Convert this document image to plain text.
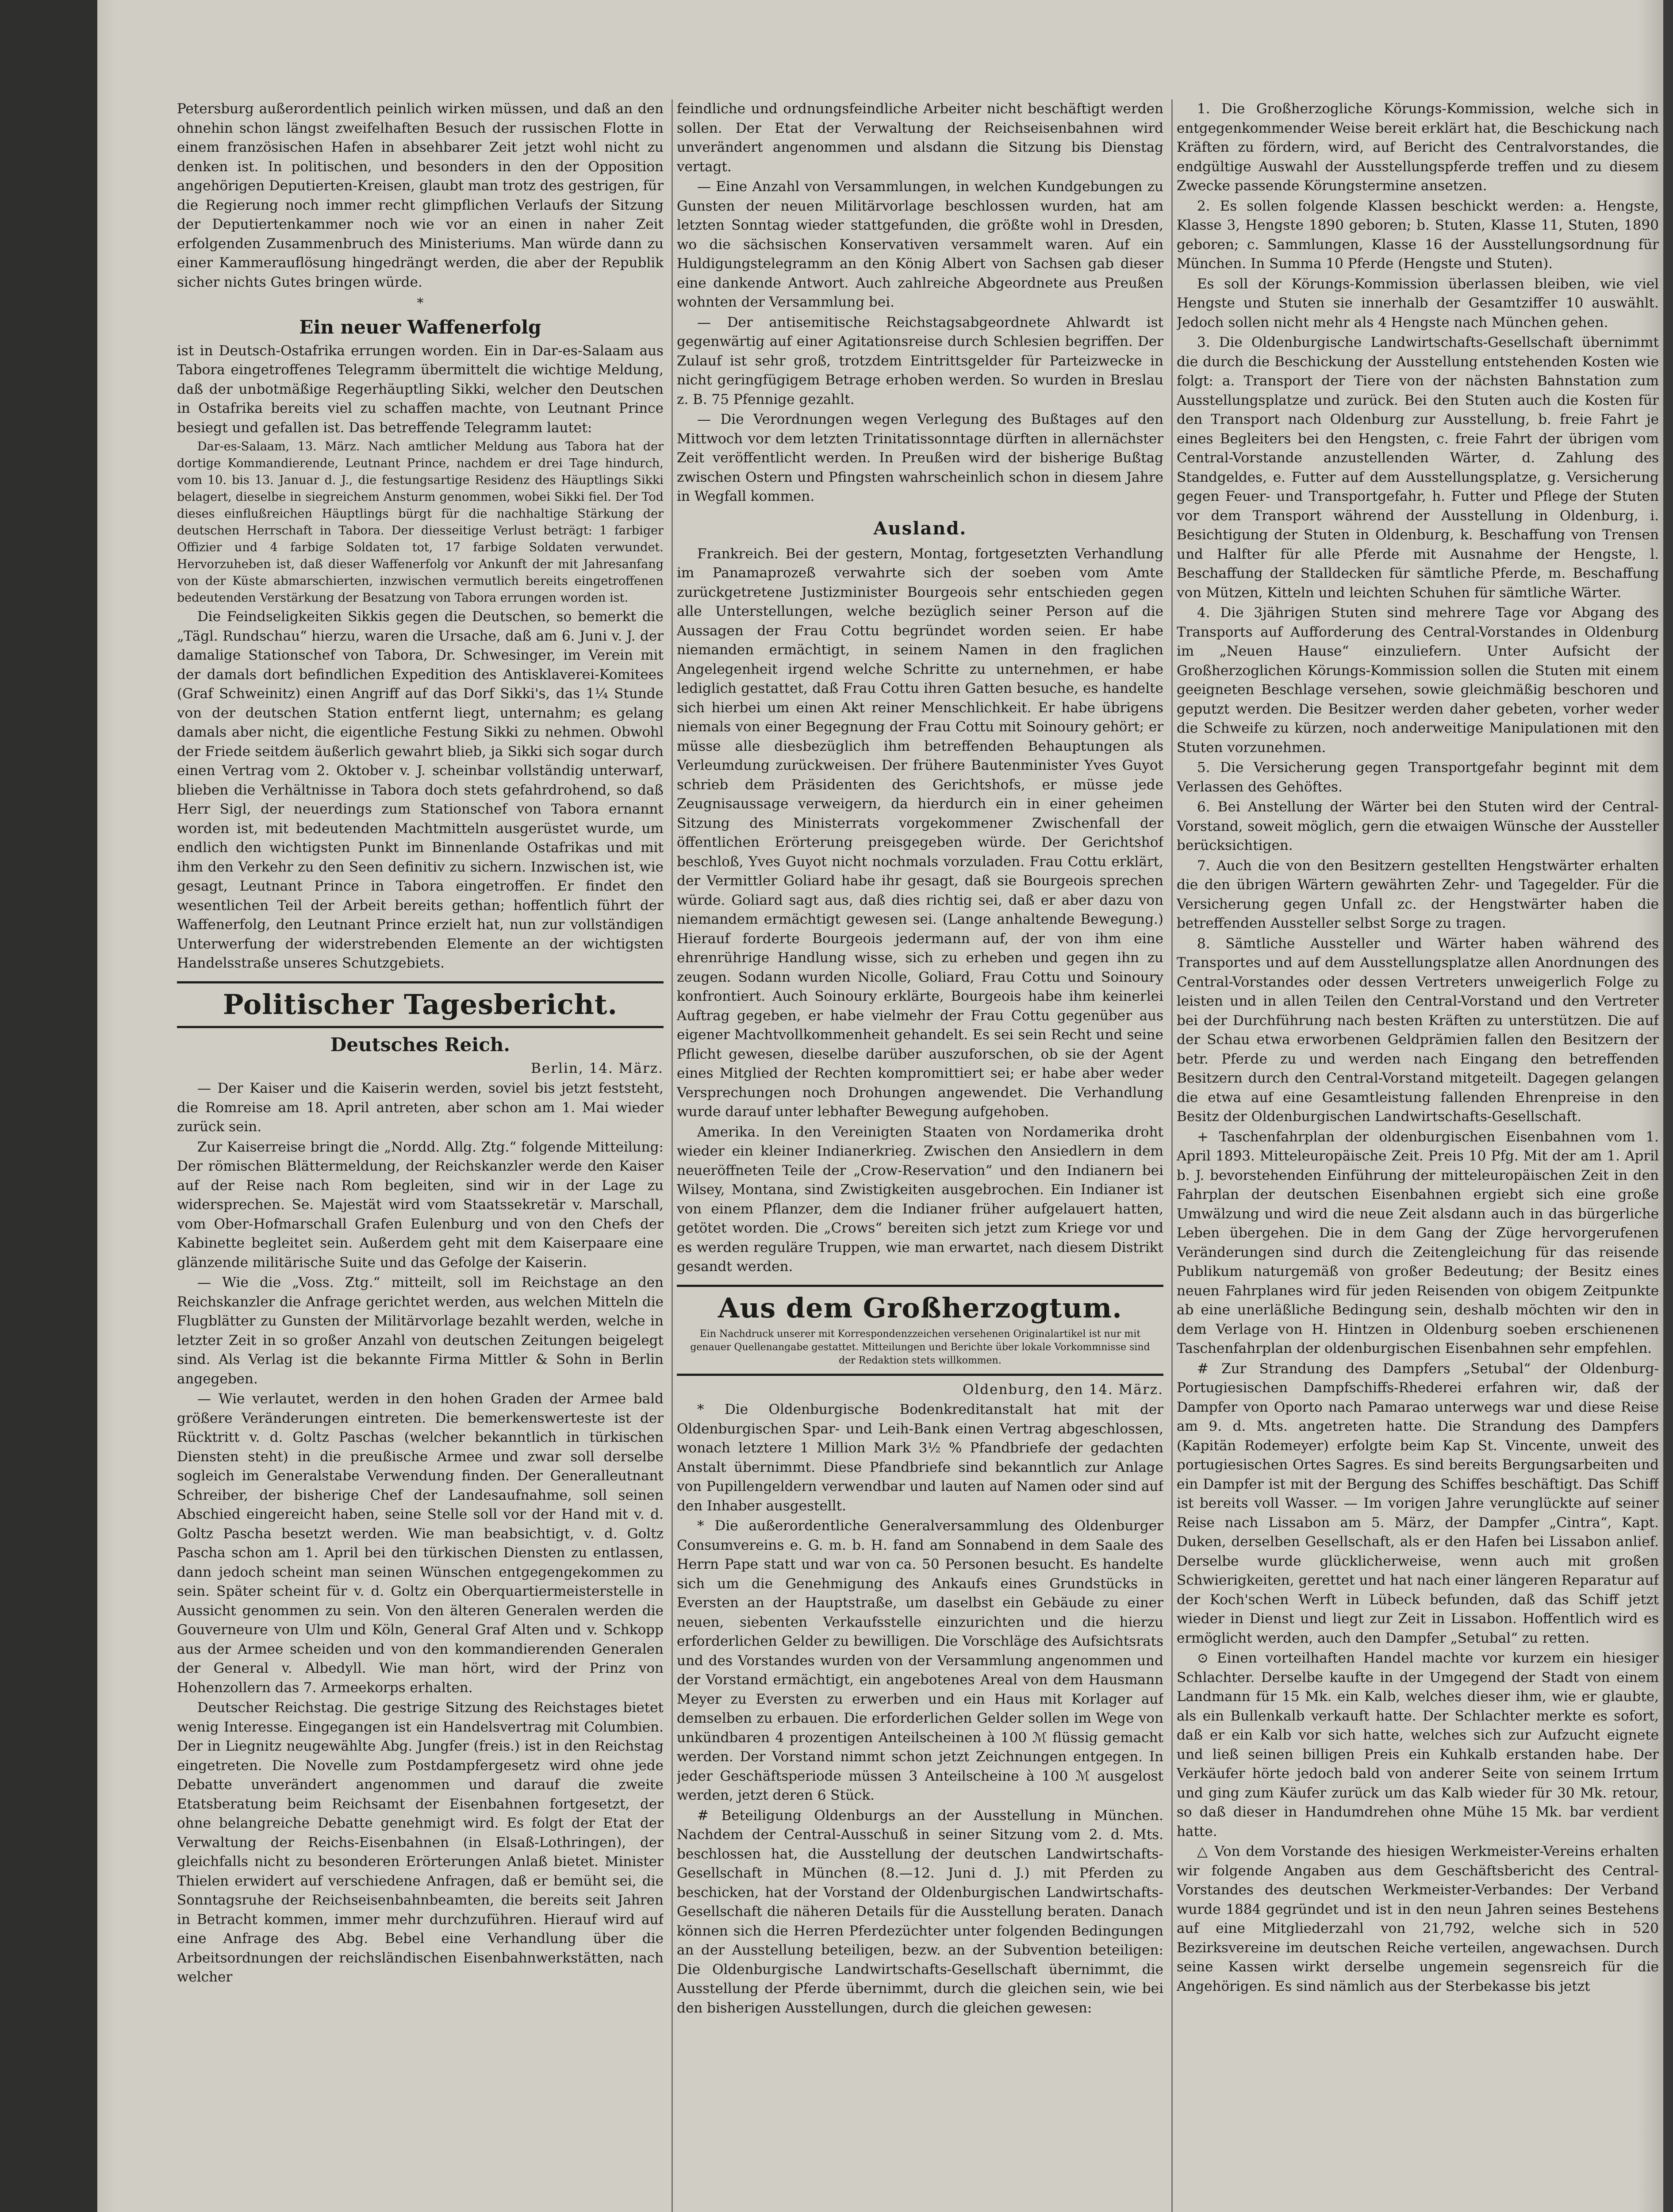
Petersburg außerordentlich peinlich wirken müssen, und daß an den ohnehin schon längst zweifelhaften Besuch der russischen Flotte in einem französischen Hafen in absehbarer Zeit jetzt wohl nicht zu denken ist. In politischen, und besonders in den der Opposition angehörigen Deputierten-Kreisen, glaubt man trotz des gestrigen, für die Regierung noch immer recht glimpflichen Verlaufs der Sitzung der Deputiertenkammer noch wie vor an einen in naher Zeit erfolgenden Zusammenbruch des Ministeriums. Man würde dann zu einer Kammerauflösung hingedrängt werden, die aber der Republik sicher nichts Gutes bringen würde.

*
Ein neuer Waffenerfolg

ist in Deutsch-Ostafrika errungen worden. Ein in Dar-es-Salaam aus Tabora eingetroffenes Telegramm übermittelt die wichtige Meldung, daß der unbotmäßige Regerhäuptling Sikki, welcher den Deutschen in Ostafrika bereits viel zu schaffen machte, von Leutnant Prince besiegt und gefallen ist. Das betreffende Telegramm lautet:

Dar-es-Salaam, 13. März. Nach amtlicher Meldung aus Tabora hat der dortige Kommandierende, Leutnant Prince, nachdem er drei Tage hindurch, vom 10. bis 13. Januar d. J., die festungsartige Residenz des Häuptlings Sikki belagert, dieselbe in siegreichem Ansturm genommen, wobei Sikki fiel. Der Tod dieses einflußreichen Häuptlings bürgt für die nachhaltige Stärkung der deutschen Herrschaft in Tabora. Der diesseitige Verlust beträgt: 1 farbiger Offizier und 4 farbige Soldaten tot, 17 farbige Soldaten verwundet. Hervorzuheben ist, daß dieser Waffenerfolg vor Ankunft der mit Jahresanfang von der Küste abmarschierten, inzwischen vermutlich bereits eingetroffenen bedeutenden Verstärkung der Besatzung von Tabora errungen worden ist.

Die Feindseligkeiten Sikkis gegen die Deutschen, so bemerkt die „Tägl. Rundschau“ hierzu, waren die Ursache, daß am 6. Juni v. J. der damalige Stationschef von Tabora, Dr. Schwesinger, im Verein mit der damals dort befindlichen Expedition des Antisklaverei-Komitees (Graf Schweinitz) einen Angriff auf das Dorf Sikki's, das 1¼ Stunde von der deutschen Station entfernt liegt, unternahm; es gelang damals aber nicht, die eigentliche Festung Sikki zu nehmen. Obwohl der Friede seitdem äußerlich gewahrt blieb, ja Sikki sich sogar durch einen Vertrag vom 2. Oktober v. J. scheinbar vollständig unterwarf, blieben die Verhältnisse in Tabora doch stets gefahrdrohend, so daß Herr Sigl, der neuerdings zum Stationschef von Tabora ernannt worden ist, mit bedeutenden Machtmitteln ausgerüstet wurde, um endlich den wichtigsten Punkt im Binnenlande Ostafrikas und mit ihm den Verkehr zu den Seen definitiv zu sichern. Inzwischen ist, wie gesagt, Leutnant Prince in Tabora eingetroffen. Er findet den wesentlichen Teil der Arbeit bereits gethan; hoffentlich führt der Waffenerfolg, den Leutnant Prince erzielt hat, nun zur vollständigen Unterwerfung der widerstrebenden Elemente an der wichtigsten Handelsstraße unseres Schutzgebiets.

Politischer Tagesbericht.
Deutsches Reich.

Berlin, 14. März.

— Der Kaiser und die Kaiserin werden, soviel bis jetzt feststeht, die Romreise am 18. April antreten, aber schon am 1. Mai wieder zurück sein.

Zur Kaiserreise bringt die „Nordd. Allg. Ztg.“ folgende Mitteilung: Der römischen Blättermeldung, der Reichskanzler werde den Kaiser auf der Reise nach Rom begleiten, sind wir in der Lage zu widersprechen. Se. Majestät wird vom Staatssekretär v. Marschall, vom Ober-Hofmarschall Grafen Eulenburg und von den Chefs der Kabinette begleitet sein. Außerdem geht mit dem Kaiserpaare eine glänzende militärische Suite und das Gefolge der Kaiserin.

— Wie die „Voss. Ztg.“ mitteilt, soll im Reichstage an den Reichskanzler die Anfrage gerichtet werden, aus welchen Mitteln die Flugblätter zu Gunsten der Militärvorlage bezahlt werden, welche in letzter Zeit in so großer Anzahl von deutschen Zeitungen beigelegt sind. Als Verlag ist die bekannte Firma Mittler & Sohn in Berlin angegeben.

— Wie verlautet, werden in den hohen Graden der Armee bald größere Veränderungen eintreten. Die bemerkenswerteste ist der Rücktritt v. d. Goltz Paschas (welcher bekanntlich in türkischen Diensten steht) in die preußische Armee und zwar soll derselbe sogleich im Generalstabe Verwendung finden. Der Generalleutnant Schreiber, der bisherige Chef der Landesaufnahme, soll seinen Abschied eingereicht haben, seine Stelle soll vor der Hand mit v. d. Goltz Pascha besetzt werden. Wie man beabsichtigt, v. d. Goltz Pascha schon am 1. April bei den türkischen Diensten zu entlassen, dann jedoch scheint man seinen Wünschen entgegengekommen zu sein. Später scheint für v. d. Goltz ein Oberquartiermeisterstelle in Aussicht genommen zu sein. Von den älteren Generalen werden die Gouverneure von Ulm und Köln, General Graf Alten und v. Schkopp aus der Armee scheiden und von den kommandierenden Generalen der General v. Albedyll. Wie man hört, wird der Prinz von Hohenzollern das 7. Armeekorps erhalten.

Deutscher Reichstag. Die gestrige Sitzung des Reichstages bietet wenig Interesse. Eingegangen ist ein Handelsvertrag mit Columbien. Der in Liegnitz neugewählte Abg. Jungfer (freis.) ist in den Reichstag eingetreten. Die Novelle zum Postdampfergesetz wird ohne jede Debatte unverändert angenommen und darauf die zweite Etatsberatung beim Reichsamt der Eisenbahnen fortgesetzt, der ohne belangreiche Debatte genehmigt wird. Es folgt der Etat der Verwaltung der Reichs-Eisenbahnen (in Elsaß-Lothringen), der gleichfalls nicht zu besonderen Erörterungen Anlaß bietet. Minister Thielen erwidert auf verschiedene Anfragen, daß er bemüht sei, die Sonntagsruhe der Reichseisenbahnbeamten, die bereits seit Jahren in Betracht kommen, immer mehr durchzuführen. Hierauf wird auf eine Anfrage des Abg. Bebel eine Verhandlung über die Arbeitsordnungen der reichsländischen Eisenbahnwerkstätten, nach welcher

feindliche und ordnungsfeindliche Arbeiter nicht beschäftigt werden sollen. Der Etat der Verwaltung der Reichseisenbahnen wird unverändert angenommen und alsdann die Sitzung bis Dienstag vertagt.

— Eine Anzahl von Versammlungen, in welchen Kundgebungen zu Gunsten der neuen Militärvorlage beschlossen wurden, hat am letzten Sonntag wieder stattgefunden, die größte wohl in Dresden, wo die sächsischen Konservativen versammelt waren. Auf ein Huldigungstelegramm an den König Albert von Sachsen gab dieser eine dankende Antwort. Auch zahlreiche Abgeordnete aus Preußen wohnten der Versammlung bei.

— Der antisemitische Reichstagsabgeordnete Ahlwardt ist gegenwärtig auf einer Agitationsreise durch Schlesien begriffen. Der Zulauf ist sehr groß, trotzdem Eintrittsgelder für Parteizwecke in nicht geringfügigem Betrage erhoben werden. So wurden in Breslau z. B. 75 Pfennige gezahlt.

— Die Verordnungen wegen Verlegung des Bußtages auf den Mittwoch vor dem letzten Trinitatissonntage dürften in allernächster Zeit veröffentlicht werden. In Preußen wird der bisherige Bußtag zwischen Ostern und Pfingsten wahrscheinlich schon in diesem Jahre in Wegfall kommen.

Ausland.

Frankreich. Bei der gestern, Montag, fortgesetzten Verhandlung im Panamaprozeß verwahrte sich der soeben vom Amte zurückgetretene Justizminister Bourgeois sehr entschieden gegen alle Unterstellungen, welche bezüglich seiner Person auf die Aussagen der Frau Cottu begründet worden seien. Er habe niemanden ermächtigt, in seinem Namen in den fraglichen Angelegenheit irgend welche Schritte zu unternehmen, er habe lediglich gestattet, daß Frau Cottu ihren Gatten besuche, es handelte sich hierbei um einen Akt reiner Menschlichkeit. Er habe übrigens niemals von einer Begegnung der Frau Cottu mit Soinoury gehört; er müsse alle diesbezüglich ihm betreffenden Behauptungen als Verleumdung zurückweisen. Der frühere Bautenminister Yves Guyot schrieb dem Präsidenten des Gerichtshofs, er müsse jede Zeugnisaussage verweigern, da hierdurch ein in einer geheimen Sitzung des Ministerrats vorgekommener Zwischenfall der öffentlichen Erörterung preisgegeben würde. Der Gerichtshof beschloß, Yves Guyot nicht nochmals vorzuladen. Frau Cottu erklärt, der Vermittler Goliard habe ihr gesagt, daß sie Bourgeois sprechen würde. Goliard sagt aus, daß dies richtig sei, daß er aber dazu von niemandem ermächtigt gewesen sei. (Lange anhaltende Bewegung.) Hierauf forderte Bourgeois jedermann auf, der von ihm eine ehrenrührige Handlung wisse, sich zu erheben und gegen ihn zu zeugen. Sodann wurden Nicolle, Goliard, Frau Cottu und Soinoury konfrontiert. Auch Soinoury erklärte, Bourgeois habe ihm keinerlei Auftrag gegeben, er habe vielmehr der Frau Cottu gegenüber aus eigener Machtvollkommenheit gehandelt. Es sei sein Recht und seine Pflicht gewesen, dieselbe darüber auszuforschen, ob sie der Agent eines Mitglied der Rechten kompromittiert sei; er habe aber weder Versprechungen noch Drohungen angewendet. Die Verhandlung wurde darauf unter lebhafter Bewegung aufgehoben.

Amerika. In den Vereinigten Staaten von Nordamerika droht wieder ein kleiner Indianerkrieg. Zwischen den Ansiedlern in dem neueröffneten Teile der „Crow-Reservation“ und den Indianern bei Wilsey, Montana, sind Zwistigkeiten ausgebrochen. Ein Indianer ist von einem Pflanzer, dem die Indianer früher aufgelauert hatten, getötet worden. Die „Crows“ bereiten sich jetzt zum Kriege vor und es werden reguläre Truppen, wie man erwartet, nach diesem Distrikt gesandt werden.

Aus dem Großherzogtum.
Ein Nachdruck unserer mit Korrespondenzzeichen versehenen Originalartikel ist nur mit genauer Quellenangabe gestattet. Mitteilungen und Berichte über lokale Vorkommnisse sind der Redaktion stets willkommen.

Oldenburg, den 14. März.

* Die Oldenburgische Bodenkreditanstalt hat mit der Oldenburgischen Spar- und Leih-Bank einen Vertrag abgeschlossen, wonach letztere 1 Million Mark 3½ % Pfandbriefe der gedachten Anstalt übernimmt. Diese Pfandbriefe sind bekanntlich zur Anlage von Pupillengeldern verwendbar und lauten auf Namen oder sind auf den Inhaber ausgestellt.

* Die außerordentliche Generalversammlung des Oldenburger Consumvereins e. G. m. b. H. fand am Sonnabend in dem Saale des Herrn Pape statt und war von ca. 50 Personen besucht. Es handelte sich um die Genehmigung des Ankaufs eines Grundstücks in Eversten an der Hauptstraße, um daselbst ein Gebäude zu einer neuen, siebenten Verkaufsstelle einzurichten und die hierzu erforderlichen Gelder zu bewilligen. Die Vorschläge des Aufsichtsrats und des Vorstandes wurden von der Versammlung angenommen und der Vorstand ermächtigt, ein angebotenes Areal von dem Hausmann Meyer zu Eversten zu erwerben und ein Haus mit Korlager auf demselben zu erbauen. Die erforderlichen Gelder sollen im Wege von unkündbaren 4 prozentigen Anteilscheinen à 100 ℳ flüssig gemacht werden. Der Vorstand nimmt schon jetzt Zeichnungen entgegen. In jeder Geschäftsperiode müssen 3 Anteilscheine à 100 ℳ ausgelost werden, jetzt deren 6 Stück.

# Beteiligung Oldenburgs an der Ausstellung in München. Nachdem der Central-Ausschuß in seiner Sitzung vom 2. d. Mts. beschlossen hat, die Ausstellung der deutschen Landwirtschafts-Gesellschaft in München (8.—12. Juni d. J.) mit Pferden zu beschicken, hat der Vorstand der Oldenburgischen Landwirtschafts-Gesellschaft die näheren Details für die Ausstellung beraten. Danach können sich die Herren Pferdezüchter unter folgenden Bedingungen an der Ausstellung beteiligen, bezw. an der Subvention beteiligen: Die Oldenburgische Landwirtschafts-Gesellschaft übernimmt, die Ausstellung der Pferde übernimmt, durch die gleichen sein, wie bei den bisherigen Ausstellungen, durch die gleichen gewesen:

1. Die Großherzogliche Körungs-Kommission, welche sich in entgegenkommender Weise bereit erklärt hat, die Beschickung nach Kräften zu fördern, wird, auf Bericht des Centralvorstandes, die endgültige Auswahl der Ausstellungspferde treffen und zu diesem Zwecke passende Körungstermine ansetzen.

2. Es sollen folgende Klassen beschickt werden: a. Hengste, Klasse 3, Hengste 1890 geboren; b. Stuten, Klasse 11, Stuten, 1890 geboren; c. Sammlungen, Klasse 16 der Ausstellungsordnung für München. In Summa 10 Pferde (Hengste und Stuten).

Es soll der Körungs-Kommission überlassen bleiben, wie viel Hengste und Stuten sie innerhalb der Gesamtziffer 10 auswählt. Jedoch sollen nicht mehr als 4 Hengste nach München gehen.

3. Die Oldenburgische Landwirtschafts-Gesellschaft übernimmt die durch die Beschickung der Ausstellung entstehenden Kosten wie folgt: a. Transport der Tiere von der nächsten Bahnstation zum Ausstellungsplatze und zurück. Bei den Stuten auch die Kosten für den Transport nach Oldenburg zur Ausstellung, b. freie Fahrt je eines Begleiters bei den Hengsten, c. freie Fahrt der übrigen vom Central-Vorstande anzustellenden Wärter, d. Zahlung des Standgeldes, e. Futter auf dem Ausstellungsplatze, g. Versicherung gegen Feuer- und Transportgefahr, h. Futter und Pflege der Stuten vor dem Transport während der Ausstellung in Oldenburg, i. Besichtigung der Stuten in Oldenburg, k. Beschaffung von Trensen und Halfter für alle Pferde mit Ausnahme der Hengste, l. Beschaffung der Stalldecken für sämtliche Pferde, m. Beschaffung von Mützen, Kitteln und leichten Schuhen für sämtliche Wärter.

4. Die 3jährigen Stuten sind mehrere Tage vor Abgang des Transports auf Aufforderung des Central-Vorstandes in Oldenburg im „Neuen Hause“ einzuliefern. Unter Aufsicht der Großherzoglichen Körungs-Kommission sollen die Stuten mit einem geeigneten Beschlage versehen, sowie gleichmäßig beschoren und geputzt werden. Die Besitzer werden daher gebeten, vorher weder die Schweife zu kürzen, noch anderweitige Manipulationen mit den Stuten vorzunehmen.

5. Die Versicherung gegen Transportgefahr beginnt mit dem Verlassen des Gehöftes.

6. Bei Anstellung der Wärter bei den Stuten wird der Central-Vorstand, soweit möglich, gern die etwaigen Wünsche der Aussteller berücksichtigen.

7. Auch die von den Besitzern gestellten Hengstwärter erhalten die den übrigen Wärtern gewährten Zehr- und Tagegelder. Für die Versicherung gegen Unfall zc. der Hengstwärter haben die betreffenden Aussteller selbst Sorge zu tragen.

8. Sämtliche Aussteller und Wärter haben während des Transportes und auf dem Ausstellungsplatze allen Anordnungen des Central-Vorstandes oder dessen Vertreters unweigerlich Folge zu leisten und in allen Teilen den Central-Vorstand und den Vertreter bei der Durchführung nach besten Kräften zu unterstützen. Die auf der Schau etwa erworbenen Geldprämien fallen den Besitzern der betr. Pferde zu und werden nach Eingang den betreffenden Besitzern durch den Central-Vorstand mitgeteilt. Dagegen gelangen die etwa auf eine Gesamtleistung fallenden Ehrenpreise in den Besitz der Oldenburgischen Landwirtschafts-Gesellschaft.

+ Taschenfahrplan der oldenburgischen Eisenbahnen vom 1. April 1893. Mitteleuropäische Zeit. Preis 10 Pfg. Mit der am 1. April b. J. bevorstehenden Einführung der mitteleuropäischen Zeit in den Fahrplan der deutschen Eisenbahnen ergiebt sich eine große Umwälzung und wird die neue Zeit alsdann auch in das bürgerliche Leben übergehen. Die in dem Gang der Züge hervorgerufenen Veränderungen sind durch die Zeitengleichung für das reisende Publikum naturgemäß von großer Bedeutung; der Besitz eines neuen Fahrplanes wird für jeden Reisenden von obigem Zeitpunkte ab eine unerläßliche Bedingung sein, deshalb möchten wir den in dem Verlage von H. Hintzen in Oldenburg soeben erschienenen Taschenfahrplan der oldenburgischen Eisenbahnen sehr empfehlen.

# Zur Strandung des Dampfers „Setubal“ der Oldenburg-Portugiesischen Dampfschiffs-Rhederei erfahren wir, daß der Dampfer von Oporto nach Pamarao unterwegs war und diese Reise am 9. d. Mts. angetreten hatte. Die Strandung des Dampfers (Kapitän Rodemeyer) erfolgte beim Kap St. Vincente, unweit des portugiesischen Ortes Sagres. Es sind bereits Bergungsarbeiten und ein Dampfer ist mit der Bergung des Schiffes beschäftigt. Das Schiff ist bereits voll Wasser. — Im vorigen Jahre verunglückte auf seiner Reise nach Lissabon am 5. März, der Dampfer „Cintra“, Kapt. Duken, derselben Gesellschaft, als er den Hafen bei Lissabon anlief. Derselbe wurde glücklicherweise, wenn auch mit großen Schwierigkeiten, gerettet und hat nach einer längeren Reparatur auf der Koch'schen Werft in Lübeck befunden, daß das Schiff jetzt wieder in Dienst und liegt zur Zeit in Lissabon. Hoffentlich wird es ermöglicht werden, auch den Dampfer „Setubal“ zu retten.

⊙ Einen vorteilhaften Handel machte vor kurzem ein hiesiger Schlachter. Derselbe kaufte in der Umgegend der Stadt von einem Landmann für 15 Mk. ein Kalb, welches dieser ihm, wie er glaubte, als ein Bullenkalb verkauft hatte. Der Schlachter merkte es sofort, daß er ein Kalb vor sich hatte, welches sich zur Aufzucht eignete und ließ seinen billigen Preis ein Kuhkalb erstanden habe. Der Verkäufer hörte jedoch bald von anderer Seite von seinem Irrtum und ging zum Käufer zurück um das Kalb wieder für 30 Mk. retour, so daß dieser in Handumdrehen ohne Mühe 15 Mk. bar verdient hatte.

△ Von dem Vorstande des hiesigen Werkmeister-Vereins erhalten wir folgende Angaben aus dem Geschäftsbericht des Central-Vorstandes des deutschen Werkmeister-Verbandes: Der Verband wurde 1884 gegründet und ist in den neun Jahren seines Bestehens auf eine Mitgliederzahl von 21,792, welche sich in 520 Bezirksvereine im deutschen Reiche verteilen, angewachsen. Durch seine Kassen wirkt derselbe ungemein segensreich für die Angehörigen. Es sind nämlich aus der Sterbekasse bis jetzt
